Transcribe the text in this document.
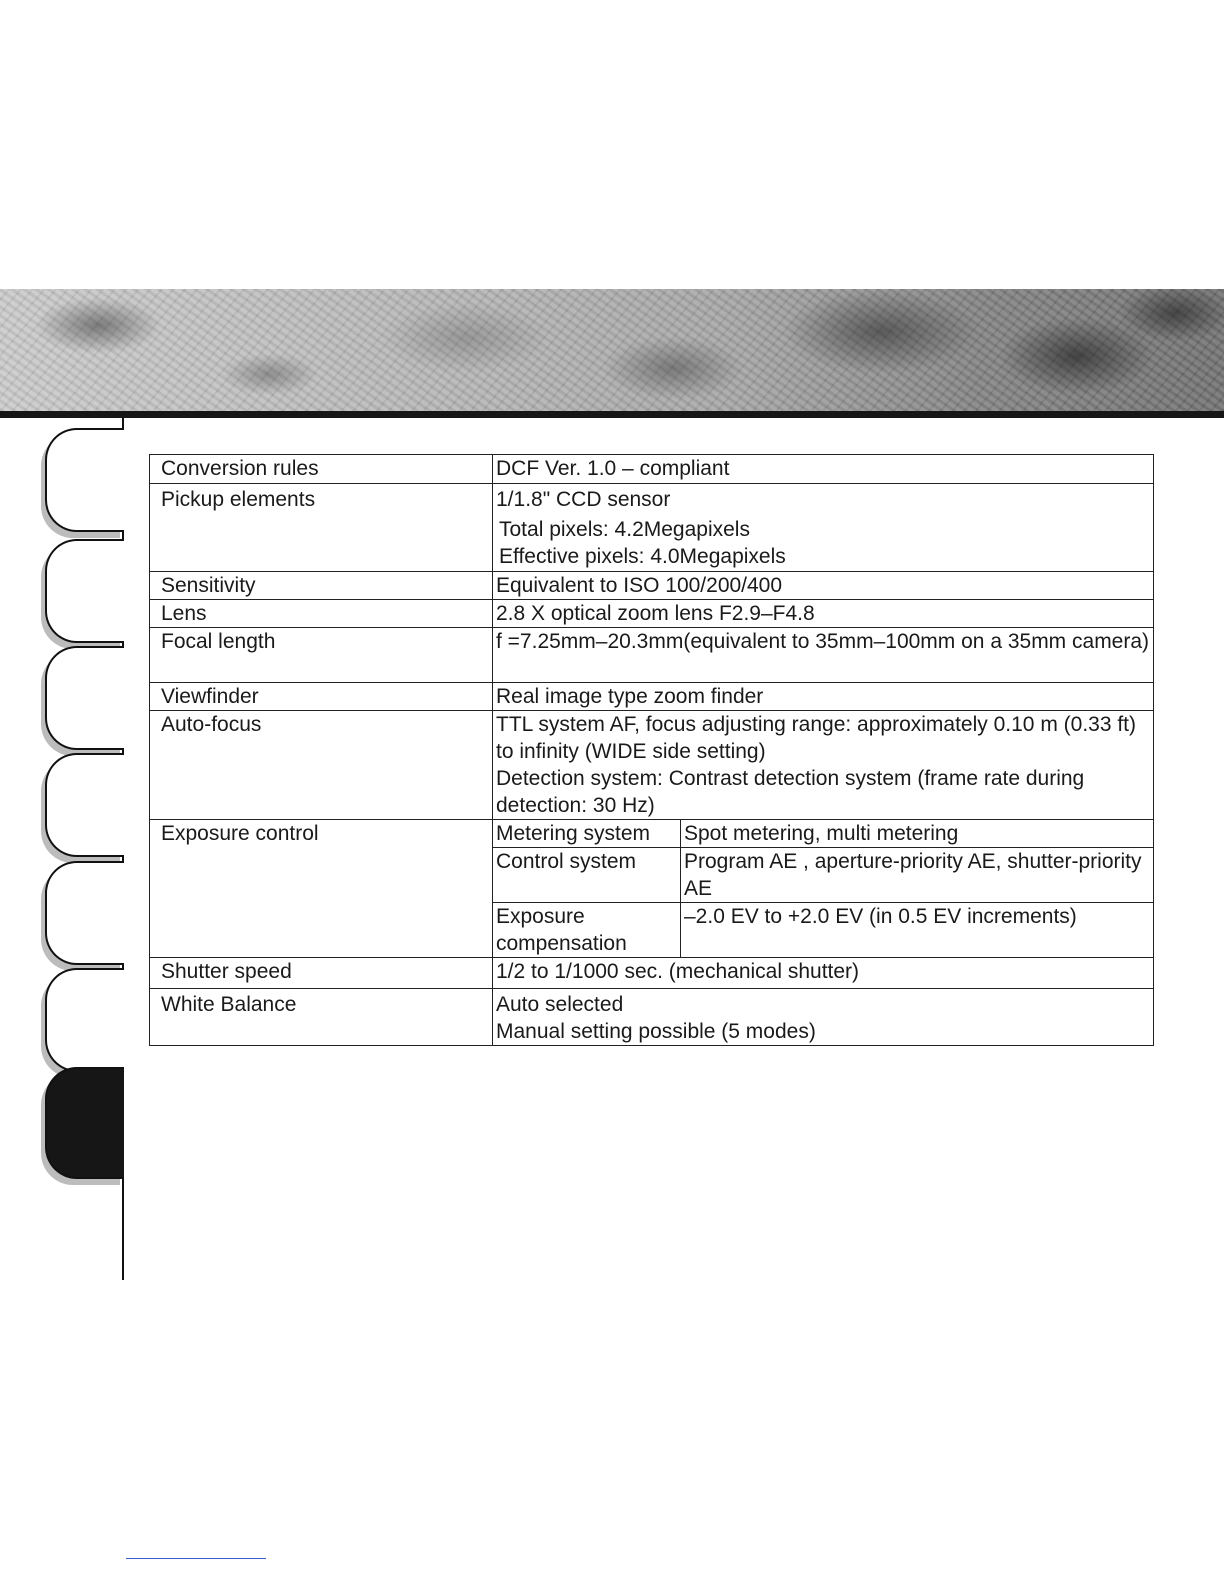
Conversion rules	DCF Ver. 1.0 – compliant	
Pickup elements	1/1.8" CCD sensor
Total pixels: 4.2Megapixels
Effective pixels: 4.0Megapixels	

Sensitivity	Equivalent to ISO 100/200/400	
Lens	2.8 X optical zoom lens F2.9–F4.8	
Focal length	f =7.25mm–20.3mm(equivalent to 35mm–100mm on a 35mm camera)	
Viewfinder	Real image type zoom finder	
Auto-focus	TTL system AF, focus adjusting range: approximately 0.10 m (0.33 ft) to infinity (WIDE side setting)
Detection system: Contrast detection system (frame rate during detection: 30 Hz)	

Exposure control	Metering system	Spot metering, multi metering
	Control system	Program AE , aperture-priority AE, shutter-priority AE
	Exposure compensation	–2.0 EV to +2.0 EV (in 0.5 EV increments)
Shutter speed	1/2 to 1/1000 sec. (mechanical shutter)	
White Balance	Auto selected
Manual setting possible (5 modes)	
